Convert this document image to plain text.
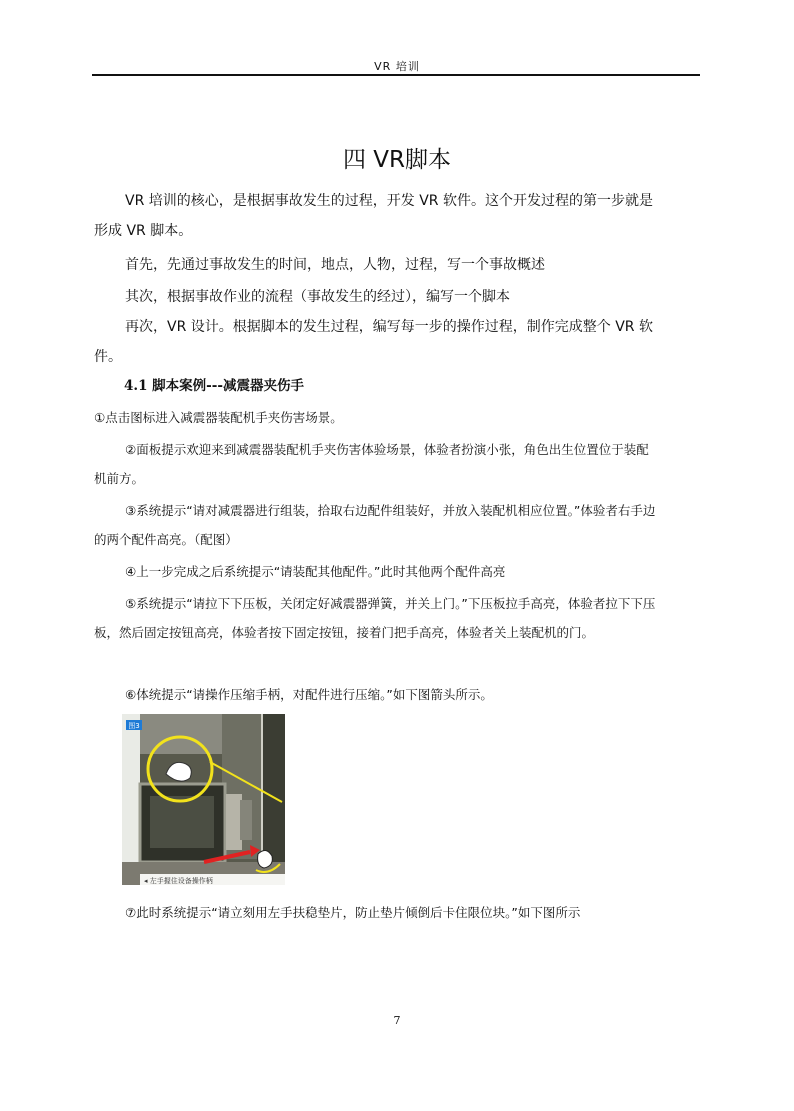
VR 培训
四 VR脚本
VR 培训的核心，是根据事故发生的过程，开发 VR 软件。这个开发过程的第一步就是形成 VR 脚本。
首先，先通过事故发生的时间，地点，人物，过程，写一个事故概述
其次，根据事故作业的流程（事故发生的经过），编写一个脚本
再次，VR 设计。根据脚本的发生过程，编写每一步的操作过程，制作完成整个 VR 软件。
4.1 脚本案例---减震器夹伤手
①点击图标进入减震器装配机手夹伤害场景。
②面板提示欢迎来到减震器装配机手夹伤害体验场景，体验者扮演小张，角色出生位置位于装配机前方。
③系统提示“请对减震器进行组装，拾取右边配件组装好，并放入装配机相应位置。”体验者右手边的两个配件高亮。（配图）
④上一步完成之后系统提示“请装配其他配件。”此时其他两个配件高亮
⑤系统提示“请拉下下压板，关闭定好减震器弹簧，并关上门。”下压板拉手高亮，体验者拉下下压板，然后固定按钮高亮，体验者按下固定按钮，接着门把手高亮，体验者关上装配机的门。
⑥体统提示“请操作压缩手柄，对配件进行压缩。”如下图箭头所示。
图3
◂ 左手握住设备操作柄
⑦此时系统提示“请立刻用左手扶稳垫片，防止垫片倾倒后卡住限位块。”如下图所示
7
